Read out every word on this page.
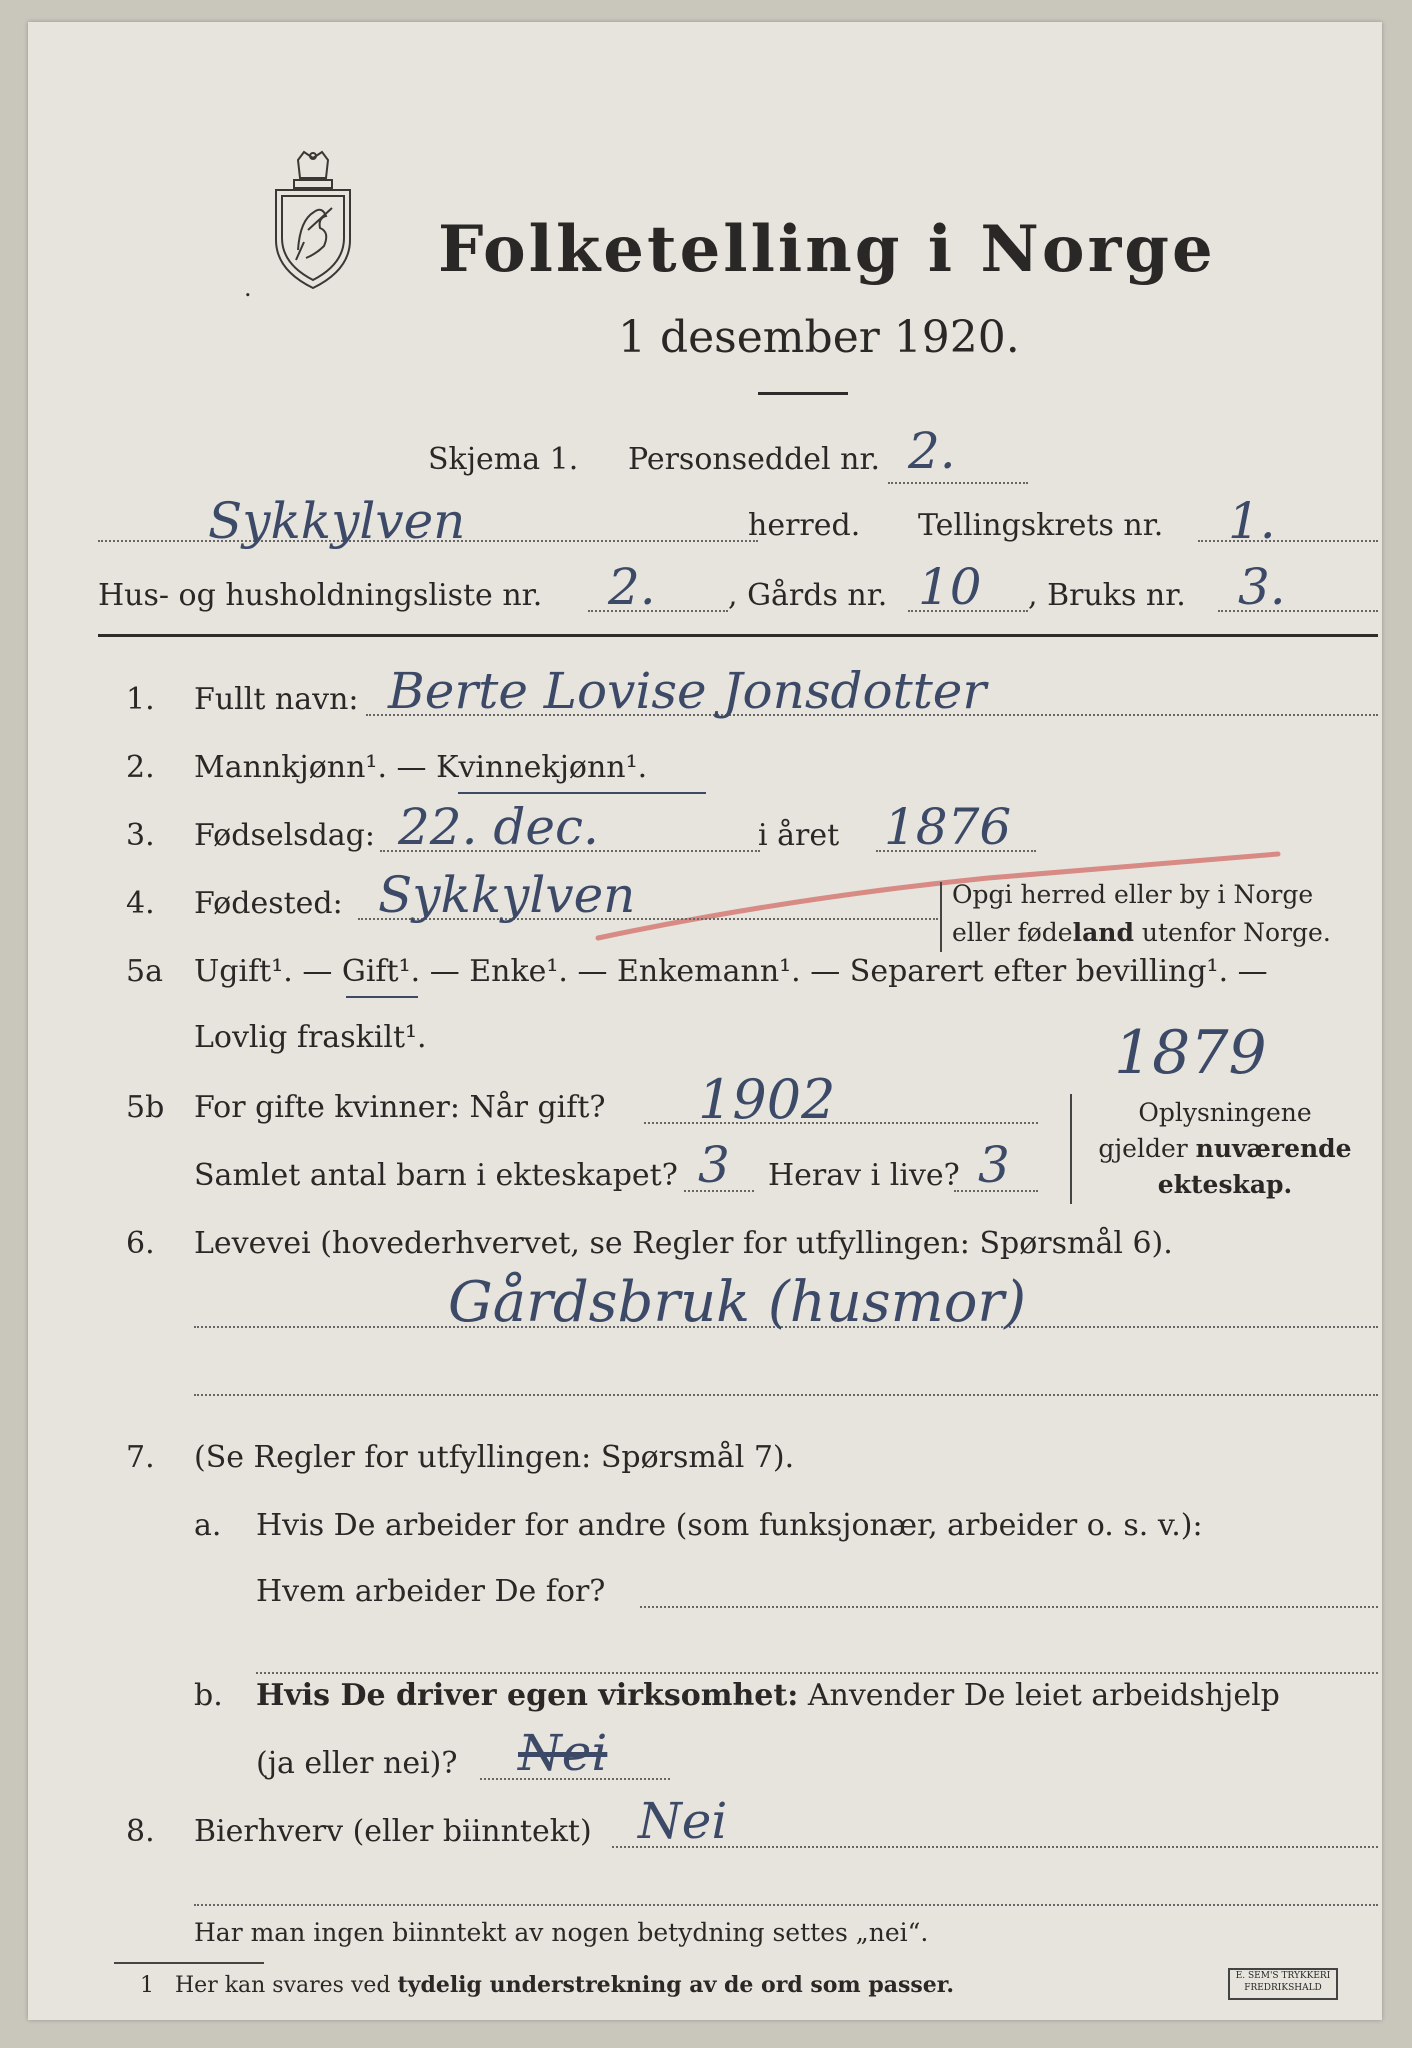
.
Folketelling i Norge
1 desember 1920.
Skjema 1. Personseddel nr. 2.
Sykkylven	herred. Tellingskrets nr. 1.
Hus- og husholdningsliste nr. 2. , Gårds nr. 10 , Bruks nr. 3.
1. Fullt navn: Berte Lovise Jonsdotter
2. Mannkjønn¹. — Kvinnekjønn¹.
3. Fødselsdag: 22. dec.	i året 1876
4. Fødested: Sykkylven	Opgi herred eller by i Norge
eller fødeland utenfor Norge.
5a Ugift¹. — Gift¹. — Enke¹. — Enkemann¹. — Separert efter bevilling¹. —
Lovlig fraskilt¹.
5b For gifte kvinner: Når gift? 1902
1879
Samlet antal barn i ekteskapet? 3 Herav i live? 3
Oplysningene
gjelder nuværende
ekteskap.
6. Levevei (hovederhvervet, se Regler for utfyllingen: Spørsmål 6).
Gårdsbruk (husmor)
7. (Se Regler for utfyllingen: Spørsmål 7).
a. Hvis De arbeider for andre (som funksjonær, arbeider o. s. v.):
Hvem arbeider De for?
b. Hvis De driver egen virksomhet: Anvender De leiet arbeidshjelp
(ja eller nei)? Nei
8. Bierhverv (eller biinntekt) Nei
Har man ingen biinntekt av nogen betydning settes „nei“.
1 Her kan svares ved tydelig understrekning av de ord som passer.	E. SEM'S TRYKKERI FREDRIKSHALD
